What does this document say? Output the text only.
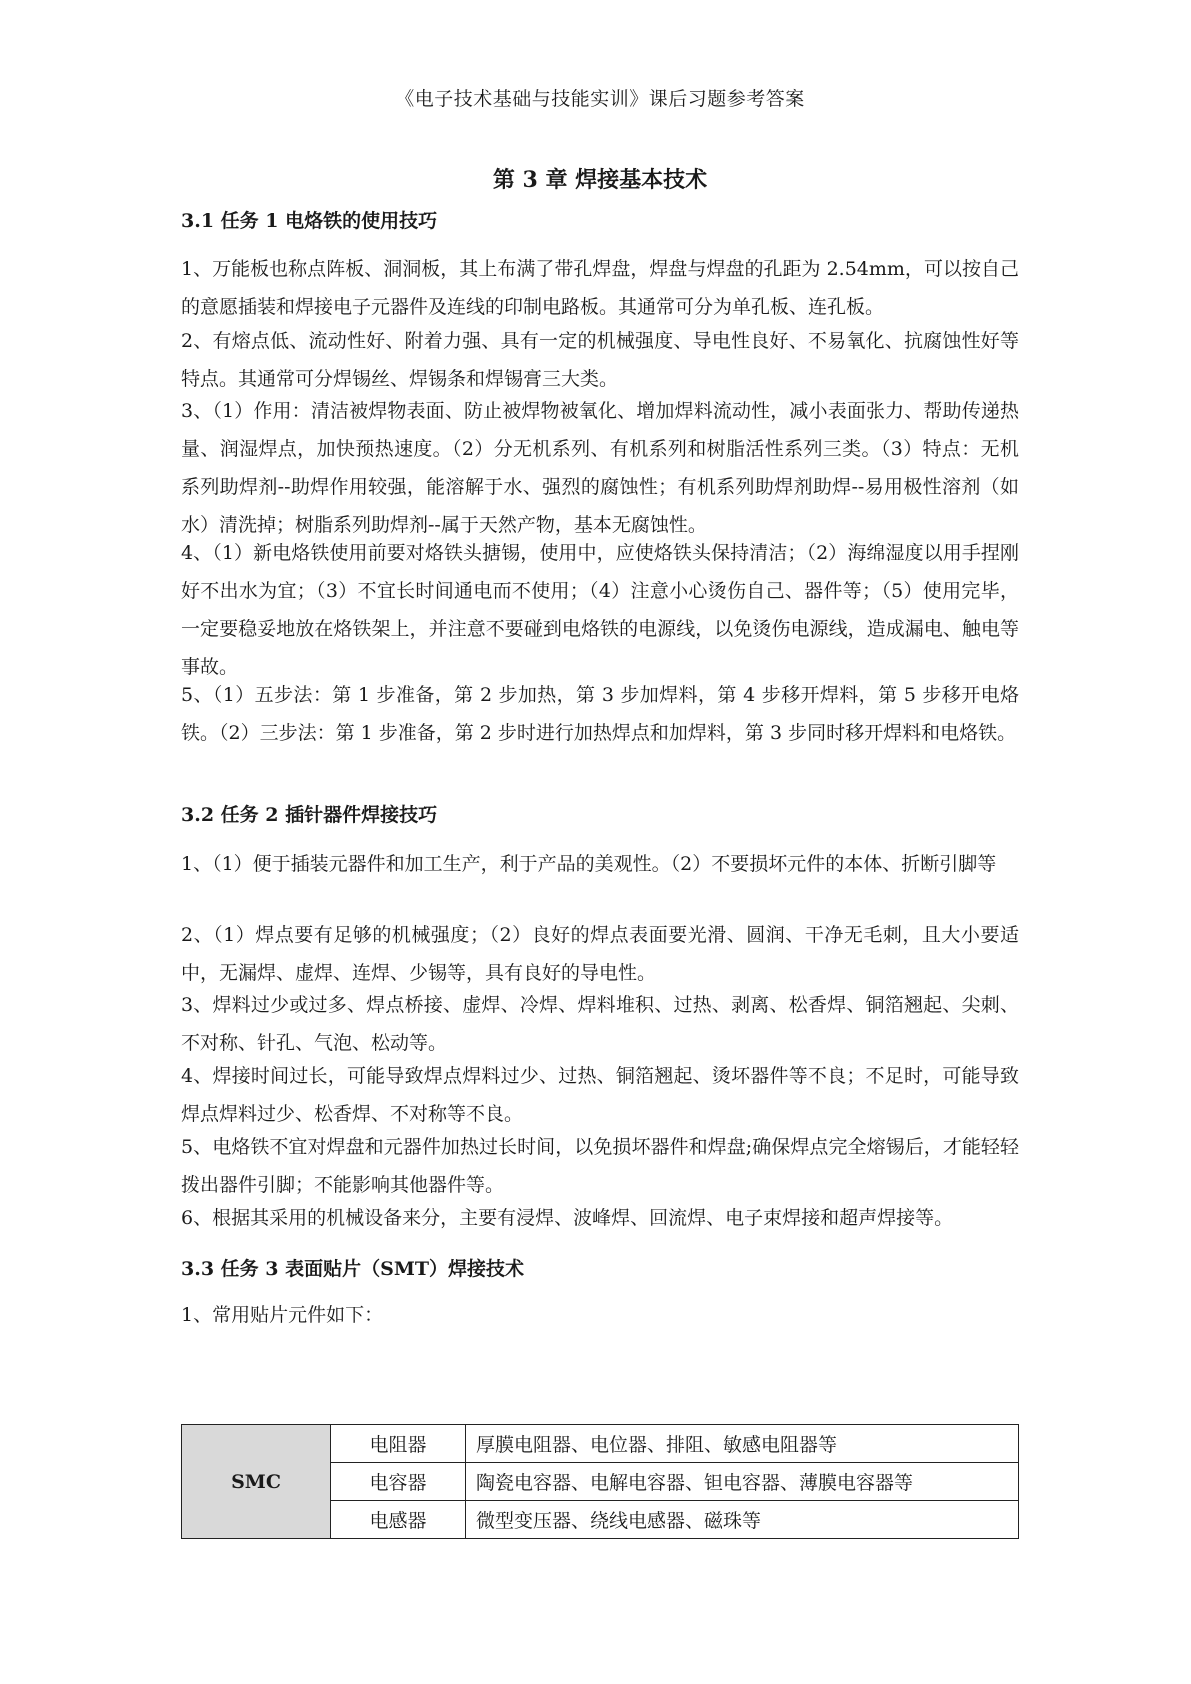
《电子技术基础与技能实训》课后习题参考答案
第 3 章 焊接基本技术
3.1 任务 1 电烙铁的使用技巧
1、万能板也称点阵板、洞洞板，其上布满了带孔焊盘，焊盘与焊盘的孔距为 2.54mm，可以按自己的意愿插装和焊接电子元器件及连线的印制电路板。其通常可分为单孔板、连孔板。
2、有熔点低、流动性好、附着力强、具有一定的机械强度、导电性良好、不易氧化、抗腐蚀性好等特点。其通常可分焊锡丝、焊锡条和焊锡膏三大类。
3、（1）作用：清洁被焊物表面、防止被焊物被氧化、增加焊料流动性，减小表面张力、帮助传递热量、润湿焊点，加快预热速度。（2）分无机系列、有机系列和树脂活性系列三类。（3）特点：无机系列助焊剂--助焊作用较强，能溶解于水、强烈的腐蚀性；有机系列助焊剂助焊--易用极性溶剂（如水）清洗掉；树脂系列助焊剂--属于天然产物，基本无腐蚀性。
4、（1）新电烙铁使用前要对烙铁头搪锡，使用中，应使烙铁头保持清洁；（2）海绵湿度以用手捏刚好不出水为宜；（3）不宜长时间通电而不使用；（4）注意小心烫伤自己、器件等；（5）使用完毕，一定要稳妥地放在烙铁架上，并注意不要碰到电烙铁的电源线，以免烫伤电源线，造成漏电、触电等事故。
5、（1）五步法：第 1 步准备，第 2 步加热，第 3 步加焊料，第 4 步移开焊料，第 5 步移开电烙铁。（2）三步法：第 1 步准备，第 2 步时进行加热焊点和加焊料，第 3 步同时移开焊料和电烙铁。
3.2 任务 2 插针器件焊接技巧
1、（1）便于插装元器件和加工生产，利于产品的美观性。（2）不要损坏元件的本体、折断引脚等
2、（1）焊点要有足够的机械强度；（2）良好的焊点表面要光滑、圆润、干净无毛刺，且大小要适中，无漏焊、虚焊、连焊、少锡等，具有良好的导电性。
3、焊料过少或过多、焊点桥接、虚焊、冷焊、焊料堆积、过热、剥离、松香焊、铜箔翘起、尖刺、不对称、针孔、气泡、松动等。
4、焊接时间过长，可能导致焊点焊料过少、过热、铜箔翘起、烫坏器件等不良；不足时，可能导致焊点焊料过少、松香焊、不对称等不良。
5、电烙铁不宜对焊盘和元器件加热过长时间，以免损坏器件和焊盘;确保焊点完全熔锡后，才能轻轻拨出器件引脚；不能影响其他器件等。
6、根据其采用的机械设备来分，主要有浸焊、波峰焊、回流焊、电子束焊接和超声焊接等。
3.3 任务 3 表面贴片（SMT）焊接技术
1、常用贴片元件如下：
SMC	电阻器	厚膜电阻器、电位器、排阻、敏感电阻器等
	电容器	陶瓷电容器、电解电容器、钽电容器、薄膜电容器等
	电感器	微型变压器、绕线电感器、磁珠等
